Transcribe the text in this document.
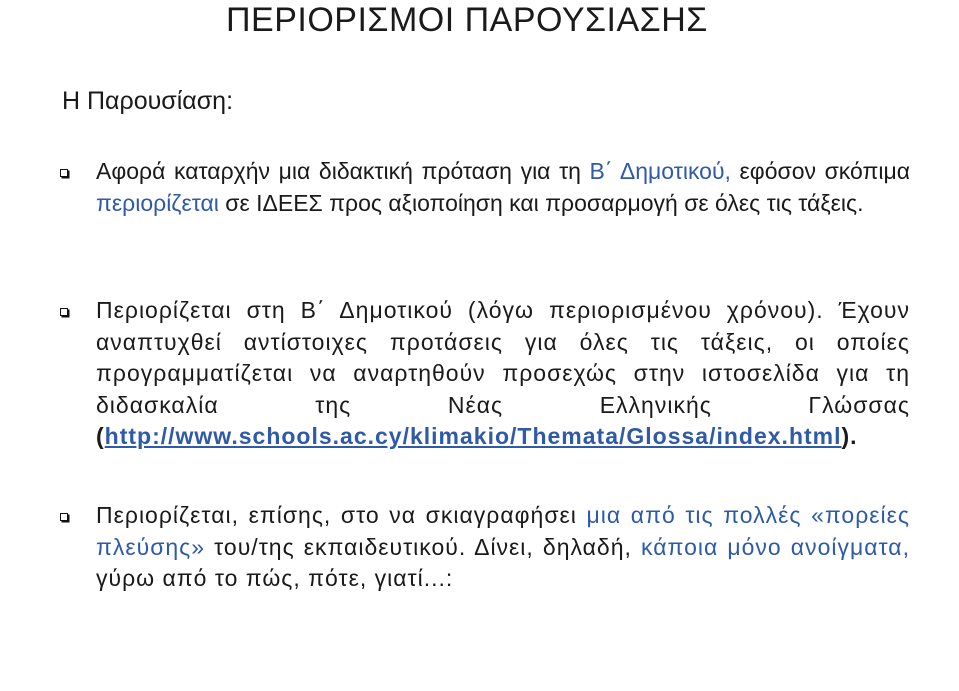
ΠΕΡΙΟΡΙΣΜΟΙ ΠΑΡΟΥΣΙΑΣΗΣ
Η Παρουσίαση:

Αφορά καταρχήν μια διδακτική πρόταση για τη Β΄ Δημοτικού, εφόσον σκόπιμα περιορίζεται σε ΙΔΕΕΣ προς αξιοποίηση και προσαρμογή σε όλες τις τάξεις.

Περιορίζεται στη Β΄ Δημοτικού (λόγω περιορισμένου χρόνου). Έχουν αναπτυχθεί αντίστοιχες προτάσεις για όλες τις τάξεις, οι οποίες προγραμματίζεται να αναρτηθούν προσεχώς στην ιστοσελίδα για τη διδασκαλία της Νέας Ελληνικής Γλώσσας (http://www.schools.ac.cy/klimakio/Themata/Glossa/index.html).

Περιορίζεται, επίσης, στο να σκιαγραφήσει μια από τις πολλές «πορείες πλεύσης» του/της εκπαιδευτικού. Δίνει, δηλαδή, κάποια μόνο ανοίγματα, γύρω από το πώς, πότε, γιατί...:
